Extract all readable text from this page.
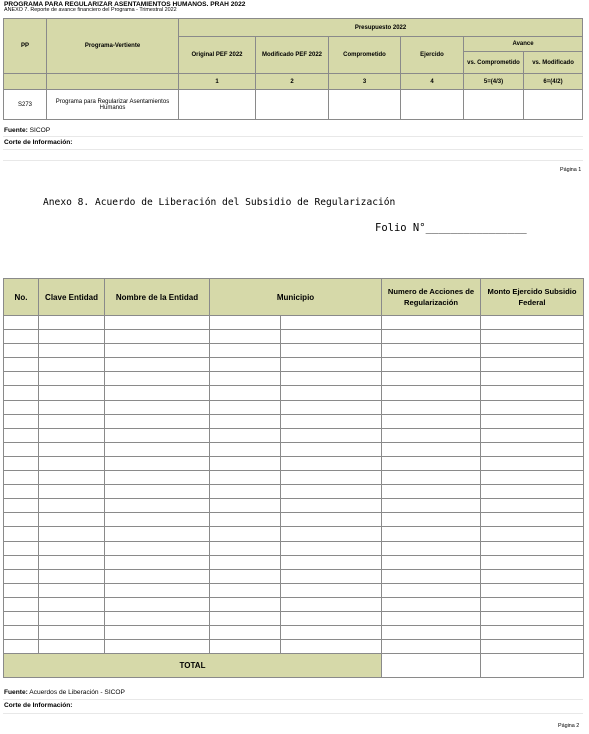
PROGRAMA PARA REGULARIZAR ASENTAMIENTOS HUMANOS. PRAH 2022
ANEXO 7. Reporte de avance financiero del Programa - Trimestral 2022
PP	Programa-Vertiente	Presupuesto 2022					
		Original PEF 2022	Modificado PEF 2022	Comprometido	Ejercido	Avance	
						vs. Comprometido	vs. Modificado
		1	2	3	4	5=(4/3)	6=(4/2)
S273	Programa para Regularizar Asentamientos Humanos						
Fuente: SICOP
Corte de Información:
Página 1
Anexo 8. Acuerdo de Liberación del Subsidio de Regularización
Folio N°________________
No.	Clave Entidad	Nombre de la Entidad	Municipio		Numero de Acciones de Regularización	Monto Ejercido Subsidio Federal

TOTAL						
Fuente: Acuerdos de Liberación - SICOP
Corte de Información:
Página 2
